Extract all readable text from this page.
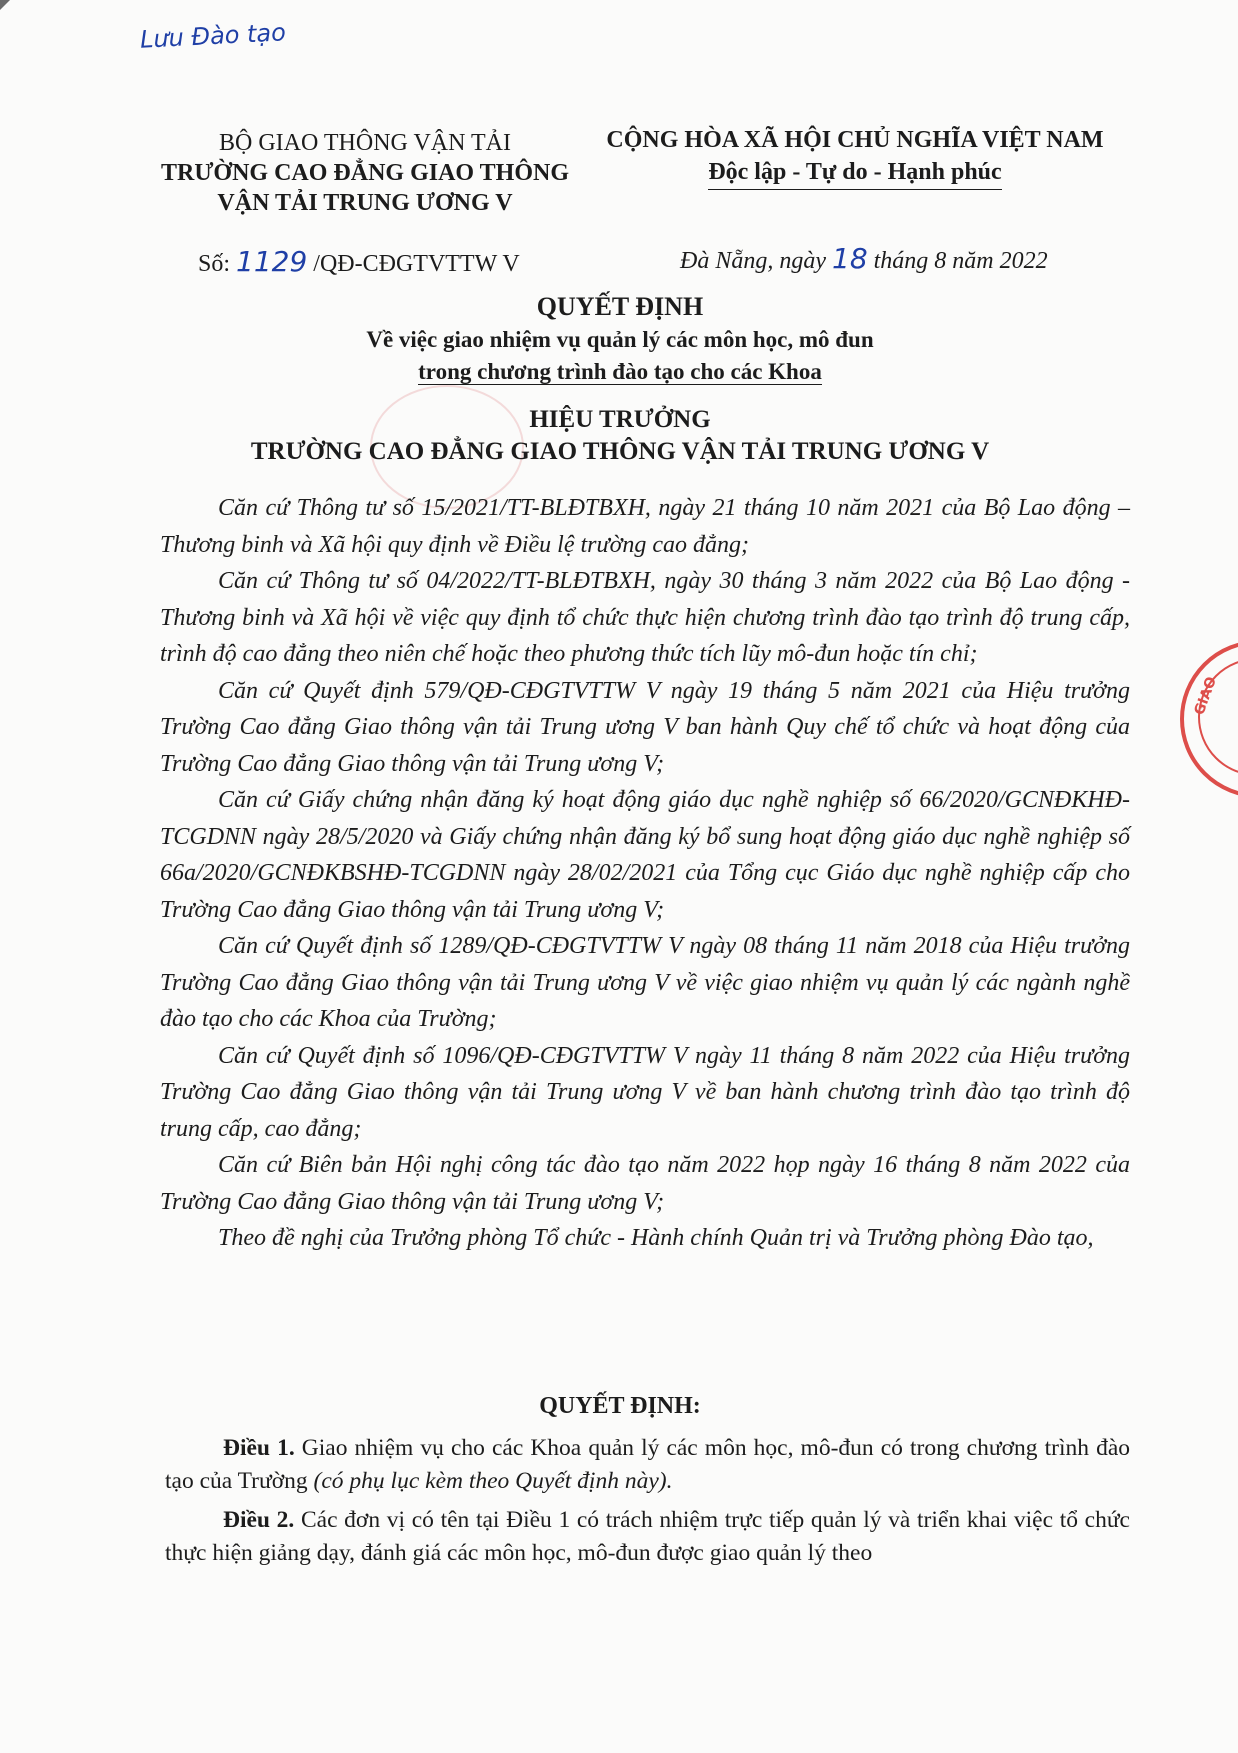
Lưu Đào tạo
BỘ GIAO THÔNG VẬN TẢI
TRƯỜNG CAO ĐẲNG GIAO THÔNG
VẬN TẢI TRUNG ƯƠNG V
CỘNG HÒA XÃ HỘI CHỦ NGHĨA VIỆT NAM
Độc lập - Tự do - Hạnh phúc
Số: 1129 /QĐ-CĐGTVTTW V	Đà Nẵng, ngày 18 tháng 8 năm 2022
QUYẾT ĐỊNH
Về việc giao nhiệm vụ quản lý các môn học, mô đun
trong chương trình đào tạo cho các Khoa
HIỆU TRƯỞNG
TRƯỜNG CAO ĐẲNG GIAO THÔNG VẬN TẢI TRUNG ƯƠNG V

Căn cứ Thông tư số 15/2021/TT-BLĐTBXH, ngày 21 tháng 10 năm 2021 của Bộ Lao động – Thương binh và Xã hội quy định về Điều lệ trường cao đẳng;

Căn cứ Thông tư số 04/2022/TT-BLĐTBXH, ngày 30 tháng 3 năm 2022 của Bộ Lao động - Thương binh và Xã hội về việc quy định tổ chức thực hiện chương trình đào tạo trình độ trung cấp, trình độ cao đẳng theo niên chế hoặc theo phương thức tích lũy mô-đun hoặc tín chỉ;

Căn cứ Quyết định 579/QĐ-CĐGTVTTW V ngày 19 tháng 5 năm 2021 của Hiệu trưởng Trường Cao đẳng Giao thông vận tải Trung ương V ban hành Quy chế tổ chức và hoạt động của Trường Cao đẳng Giao thông vận tải Trung ương V;

Căn cứ Giấy chứng nhận đăng ký hoạt động giáo dục nghề nghiệp số 66/2020/GCNĐKHĐ-TCGDNN ngày 28/5/2020 và Giấy chứng nhận đăng ký bổ sung hoạt động giáo dục nghề nghiệp số 66a/2020/GCNĐKBSHĐ-TCGDNN ngày 28/02/2021 của Tổng cục Giáo dục nghề nghiệp cấp cho Trường Cao đẳng Giao thông vận tải Trung ương V;

Căn cứ Quyết định số 1289/QĐ-CĐGTVTTW V ngày 08 tháng 11 năm 2018 của Hiệu trưởng Trường Cao đẳng Giao thông vận tải Trung ương V về việc giao nhiệm vụ quản lý các ngành nghề đào tạo cho các Khoa của Trường;

Căn cứ Quyết định số 1096/QĐ-CĐGTVTTW V ngày 11 tháng 8 năm 2022 của Hiệu trưởng Trường Cao đẳng Giao thông vận tải Trung ương V về ban hành chương trình đào tạo trình độ trung cấp, cao đẳng;

Căn cứ Biên bản Hội nghị công tác đào tạo năm 2022 họp ngày 16 tháng 8 năm 2022 của Trường Cao đẳng Giao thông vận tải Trung ương V;

Theo đề nghị của Trưởng phòng Tổ chức - Hành chính Quản trị và Trưởng phòng Đào tạo,

QUYẾT ĐỊNH:

Điều 1. Giao nhiệm vụ cho các Khoa quản lý các môn học, mô-đun có trong chương trình đào tạo của Trường (có phụ lục kèm theo Quyết định này).

Điều 2. Các đơn vị có tên tại Điều 1 có trách nhiệm trực tiếp quản lý và triển khai việc tổ chức thực hiện giảng dạy, đánh giá các môn học, mô-đun được giao quản lý theo

GIAO
